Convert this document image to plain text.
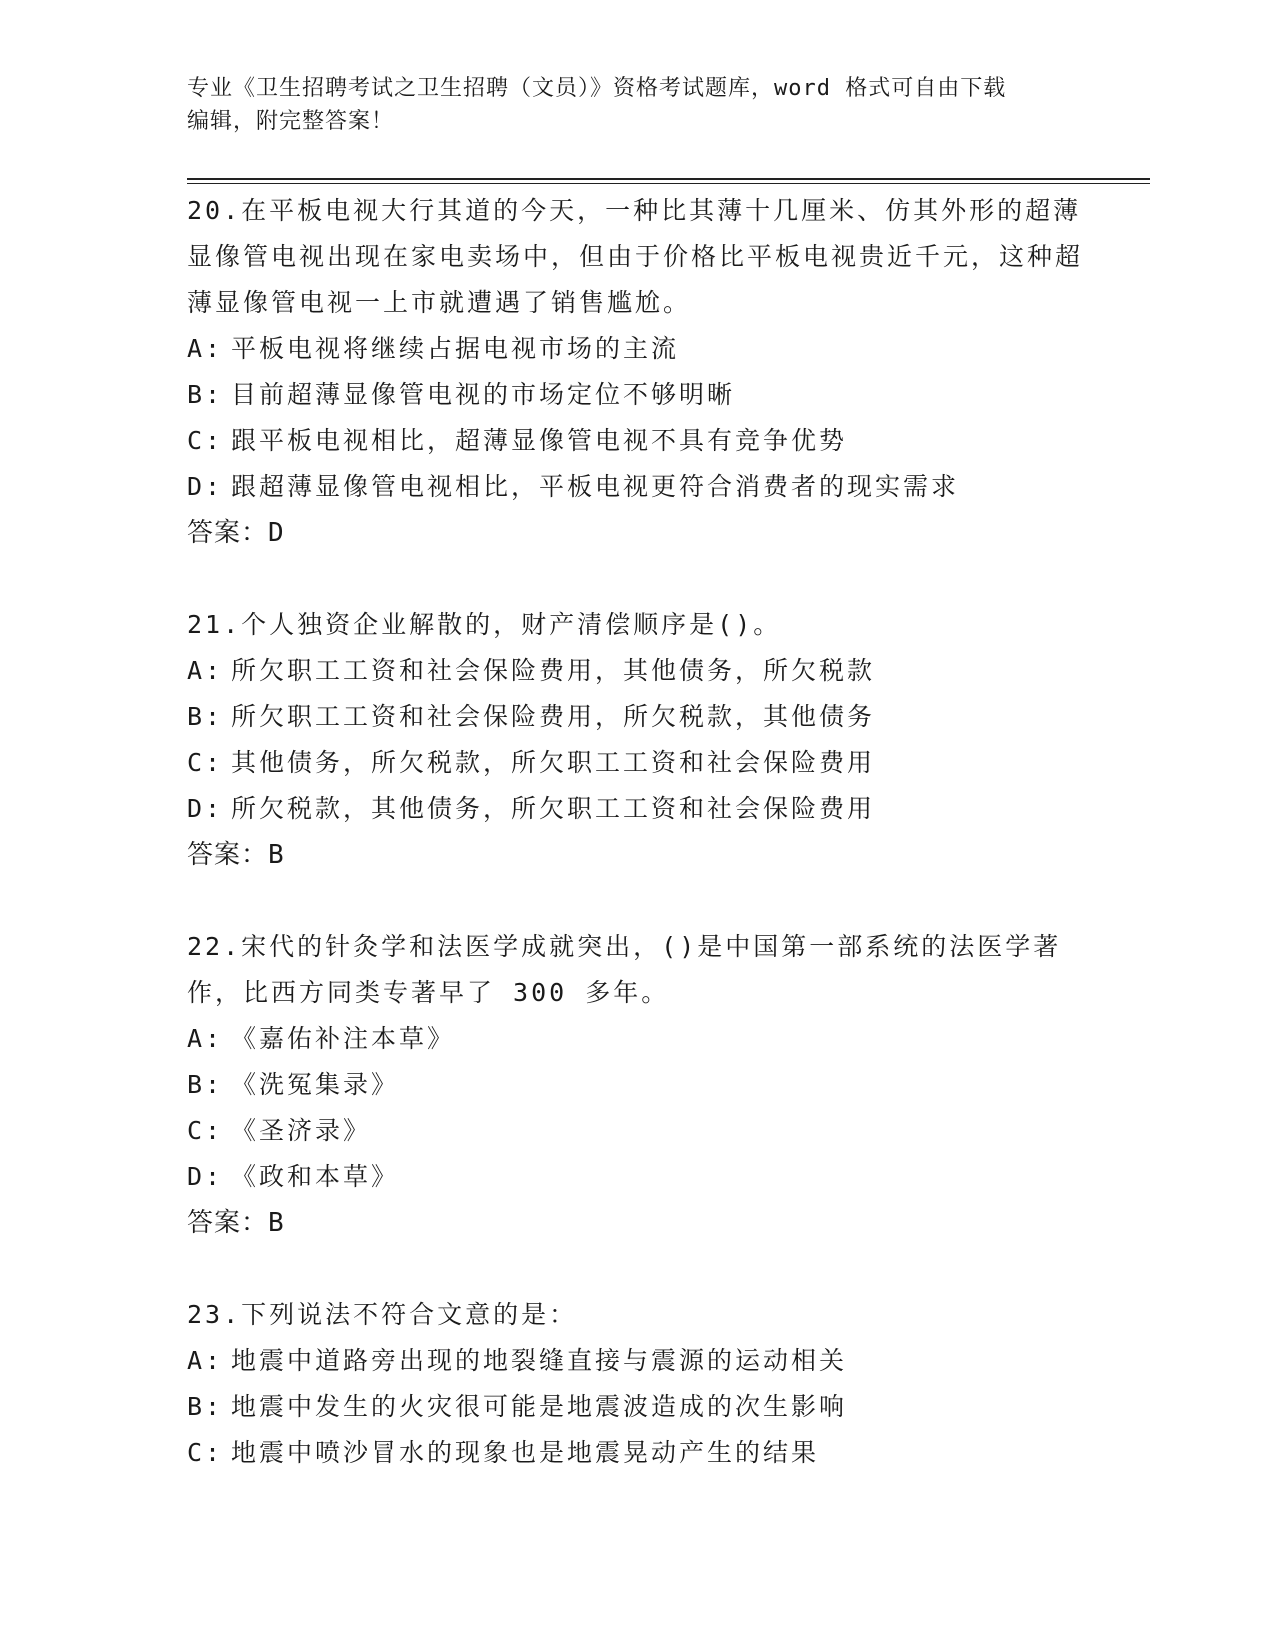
专业《卫生招聘考试之卫生招聘（文员）》资格考试题库，word 格式可自由下载
编辑，附完整答案！

20.在平板电视大行其道的今天，一种比其薄十几厘米、仿其外形的超薄显像管电视出现在家电卖场中，但由于价格比平板电视贵近千元，这种超薄显像管电视一上市就遭遇了销售尴尬。

A: 平板电视将继续占据电视市场的主流

B: 目前超薄显像管电视的市场定位不够明晰

C: 跟平板电视相比，超薄显像管电视不具有竞争优势

D: 跟超薄显像管电视相比，平板电视更符合消费者的现实需求

答案：D

21.个人独资企业解散的，财产清偿顺序是()。

A: 所欠职工工资和社会保险费用，其他债务，所欠税款

B: 所欠职工工资和社会保险费用，所欠税款，其他债务

C: 其他债务，所欠税款，所欠职工工资和社会保险费用

D: 所欠税款，其他债务，所欠职工工资和社会保险费用

答案：B

22.宋代的针灸学和法医学成就突出，()是中国第一部系统的法医学著作，比西方同类专著早了 300 多年。

A: 《嘉佑补注本草》

B: 《洗冤集录》

C: 《圣济录》

D: 《政和本草》

答案：B

23.下列说法不符合文意的是：

A: 地震中道路旁出现的地裂缝直接与震源的运动相关

B: 地震中发生的火灾很可能是地震波造成的次生影响

C: 地震中喷沙冒水的现象也是地震晃动产生的结果
